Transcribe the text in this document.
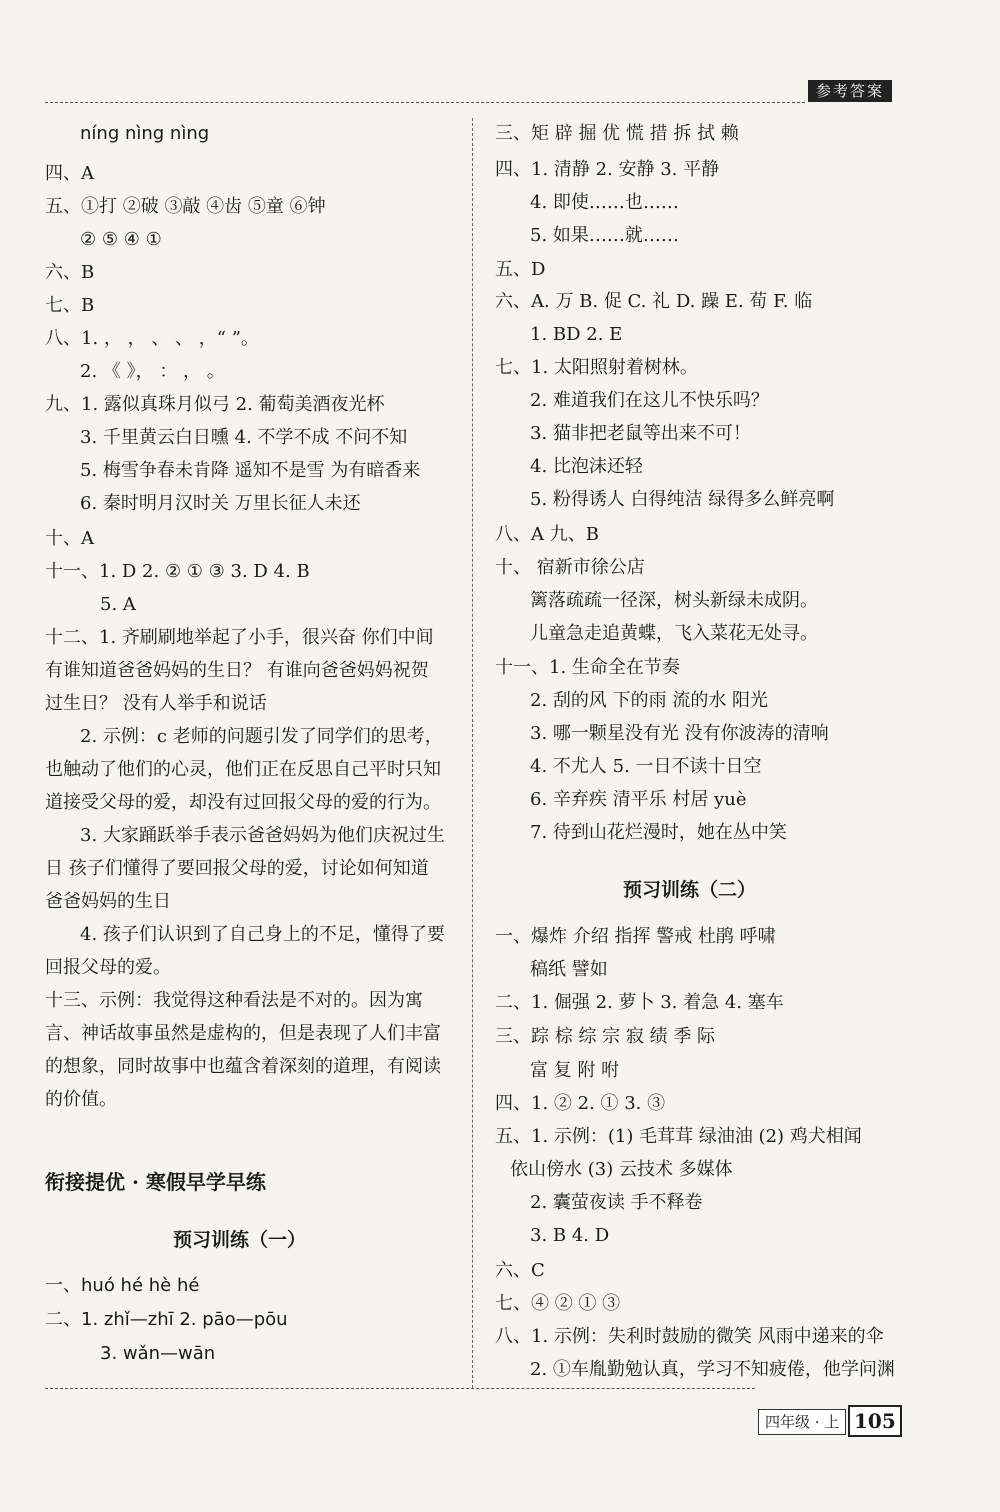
参考答案
níng nìng nìng
四、A
五、①打 ②破 ③敲 ④齿 ⑤童 ⑥钟
② ⑤ ④ ①
六、B
七、B
八、1. ， ， 、 、 ，“ ”。
2. 《 》， ： ， 。
九、1. 露似真珠月似弓 2. 葡萄美酒夜光杯
3. 千里黄云白日曛 4. 不学不成 不问不知
5. 梅雪争春未肯降 遥知不是雪 为有暗香来
6. 秦时明月汉时关 万里长征人未还
十、A
十一、1. D 2. ② ① ③ 3. D 4. B
5. A
十二、1. 齐刷刷地举起了小手，很兴奋 你们中间
有谁知道爸爸妈妈的生日？ 有谁向爸爸妈妈祝贺
过生日？ 没有人举手和说话
2. 示例：c 老师的问题引发了同学们的思考，
也触动了他们的心灵，他们正在反思自己平时只知
道接受父母的爱，却没有过回报父母的爱的行为。
3. 大家踊跃举手表示爸爸妈妈为他们庆祝过生
日 孩子们懂得了要回报父母的爱，讨论如何知道
爸爸妈妈的生日
4. 孩子们认识到了自己身上的不足，懂得了要
回报父母的爱。
十三、示例：我觉得这种看法是不对的。因为寓
言、神话故事虽然是虚构的，但是表现了人们丰富
的想象，同时故事中也蕴含着深刻的道理，有阅读
的价值。
衔接提优 · 寒假早学早练
预习训练（一）
一、huó hé hè hé
二、1. zhǐ—zhī 2. pāo—pōu
3. wǎn—wān
三、矩 辟 掘 优 慌 措 拆 拭 赖
四、1. 清静 2. 安静 3. 平静
4. 即使……也……
5. 如果……就……
五、D
六、A. 万 B. 促 C. 礼 D. 躁 E. 荀 F. 临
1. BD 2. E
七、1. 太阳照射着树林。
2. 难道我们在这儿不快乐吗？
3. 猫非把老鼠等出来不可！
4. 比泡沫还轻
5. 粉得诱人 白得纯洁 绿得多么鲜亮啊
八、A 九、B
十、 宿新市徐公店
篱落疏疏一径深，树头新绿未成阴。
儿童急走追黄蝶，飞入菜花无处寻。
十一、1. 生命全在节奏
2. 刮的风 下的雨 流的水 阳光
3. 哪一颗星没有光 没有你波涛的清响
4. 不尤人 5. 一日不读十日空
6. 辛弃疾 清平乐 村居 yuè
7. 待到山花烂漫时，她在丛中笑
预习训练（二）
一、爆炸 介绍 指挥 警戒 杜鹃 呼啸
稿纸 譬如
二、1. 倔强 2. 萝卜 3. 着急 4. 塞车
三、踪 棕 综 宗 寂 绩 季 际
富 复 附 咐
四、1. ② 2. ① 3. ③
五、1. 示例：(1) 毛茸茸 绿油油 (2) 鸡犬相闻
依山傍水 (3) 云技术 多媒体
2. 囊萤夜读 手不释卷
3. B 4. D
六、C
七、④ ② ① ③
八、1. 示例：失利时鼓励的微笑 风雨中递来的伞
2. ①车胤勤勉认真，学习不知疲倦，他学问渊
四年级 · 上 105
